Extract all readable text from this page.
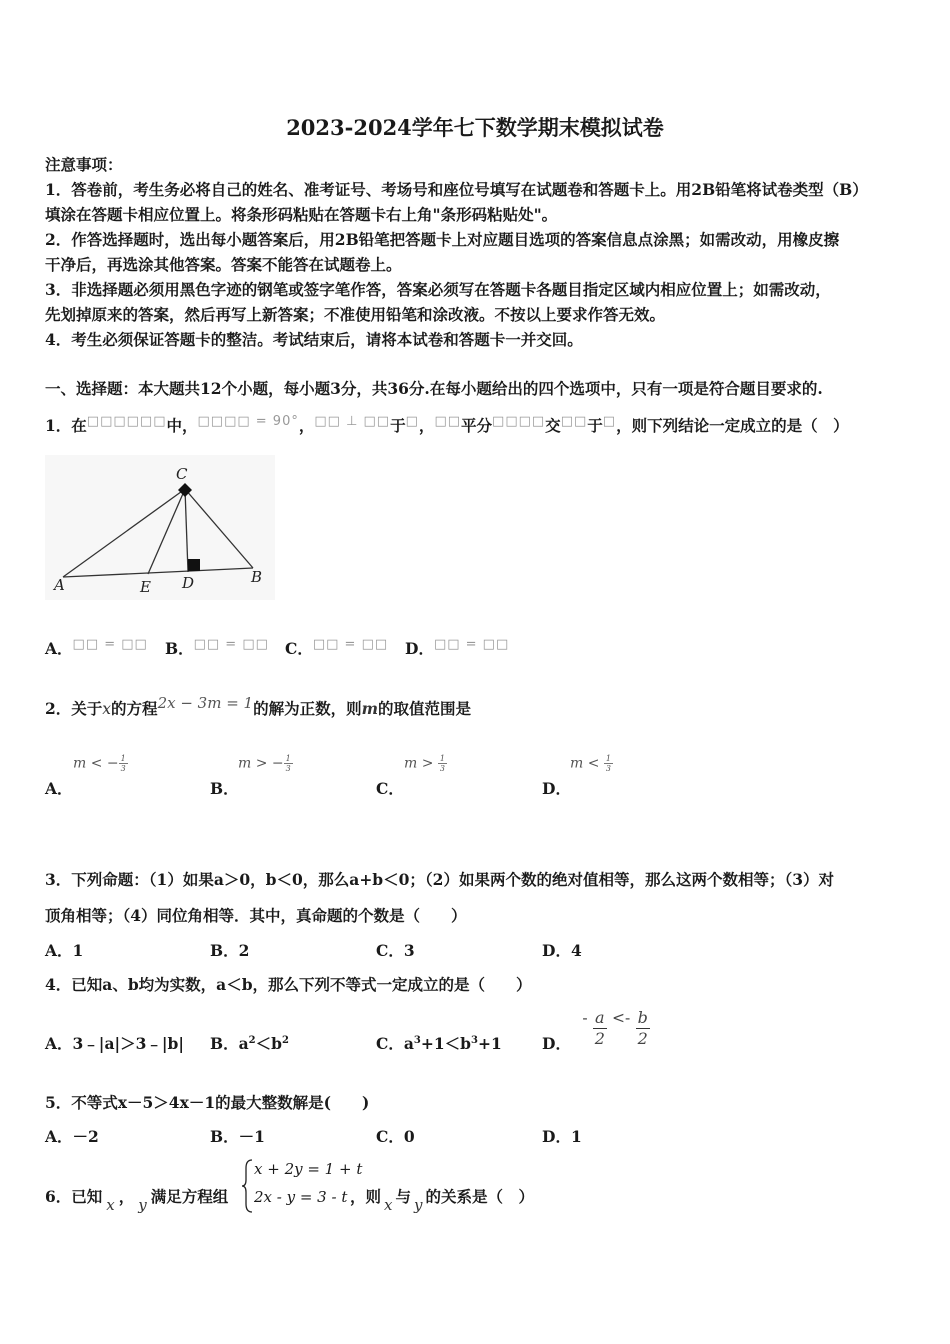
2023-2024学年七下数学期末模拟试卷
注意事项：
1．答卷前，考生务必将自己的姓名、准考证号、考场号和座位号填写在试题卷和答题卡上。用2B铅笔将试卷类型（B）
填涂在答题卡相应位置上。将条形码粘贴在答题卡右上角"条形码粘贴处"。
2．作答选择题时，选出每小题答案后，用2B铅笔把答题卡上对应题目选项的答案信息点涂黑；如需改动，用橡皮擦
干净后，再选涂其他答案。答案不能答在试题卷上。
3．非选择题必须用黑色字迹的钢笔或签字笔作答，答案必须写在答题卡各题目指定区域内相应位置上；如需改动，
先划掉原来的答案，然后再写上新答案；不准使用铅笔和涂改液。不按以上要求作答无效。
4．考生必须保证答题卡的整洁。考试结束后，请将本试卷和答题卡一并交回。
一、选择题：本大题共12个小题，每小题3分，共36分.在每小题给出的四个选项中，只有一项是符合题目要求的.
1．在□□□□□□中，$^{□□□□ = 90^\circ}$，□□ ⊥ □□于□，□□平分□□□□交□□于□，则下列结论一定成立的是（　）
C
A	E D	B
A．□□ = □□ B．□□ = □□ C．□□ = □□ D．□□ = □□
2．关于x的方程2x − 3m = 1的解为正数，则m的取值范围是
m < − $\frac{1}{3}$
A．
m > − $\frac{1}{3}$
B．
$m > \frac{1}{3}$
C．
$m < \frac{1}{3}$
D．
3．下列命题：（1）如果a＞0，b＜0，那么a+b＜0；（2）如果两个数的绝对值相等，那么这两个数相等；（3）对
顶角相等；（4）同位角相等．其中，真命题的个数是（　　）
A．1	B．2	C．3	D．4
4．已知a、b均为实数，a＜b，那么下列不等式一定成立的是（　　）
A．3﹣|a|＞3﹣|b| B．$a^2<b^2$	C．$a^3+1<b^3+1$	D． - $\frac{a}{2} <- \frac{b}{2}$
5．不等式x－5＞4x－1的最大整数解是(　　)
A．－2	B．－1	C．0	D．1
6．已知 x ， y 满足方程组
x + 2y = 1 + t
2x - y = 3 - t ，则 x 与 y 的关系是（　）
